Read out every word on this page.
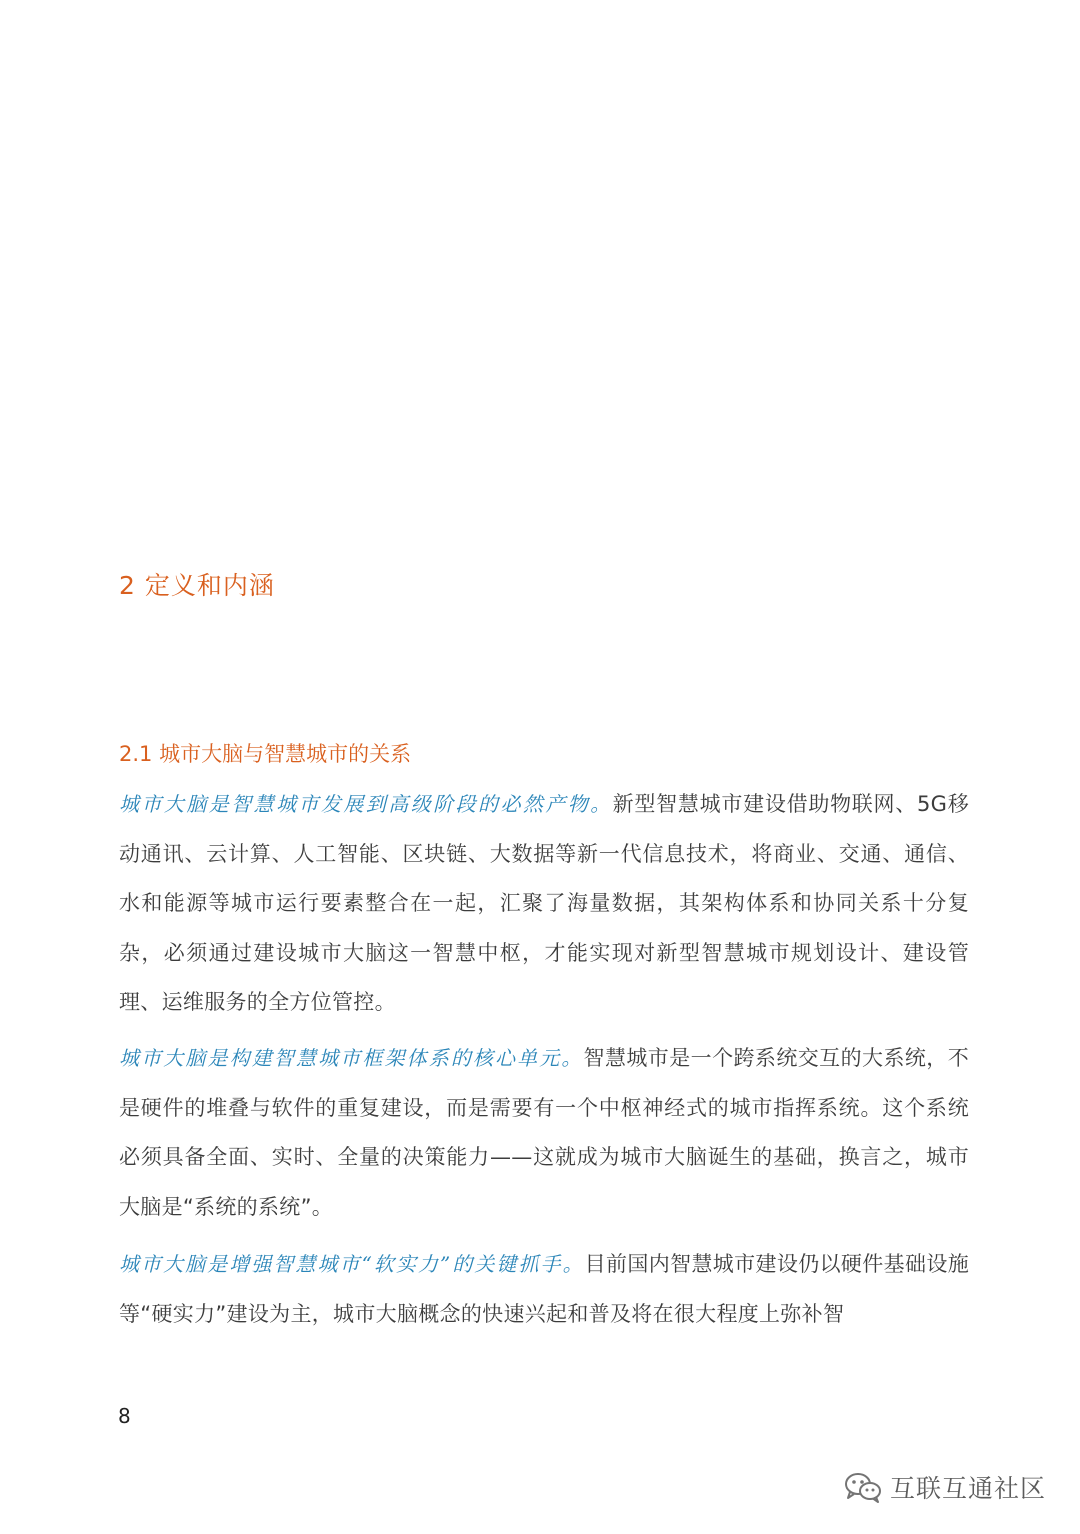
2 定义和内涵
2.1 城市大脑与智慧城市的关系
城市大脑是智慧城市发展到高级阶段的必然产物。新型智慧城市建设借助物联网、5G移动通讯、云计算、人工智能、区块链、大数据等新一代信息技术，将商业、交通、通信、水和能源等城市运行要素整合在一起，汇聚了海量数据，其架构体系和协同关系十分复杂，必须通过建设城市大脑这一智慧中枢，才能实现对新型智慧城市规划设计、建设管理、运维服务的全方位管控。
城市大脑是构建智慧城市框架体系的核心单元。智慧城市是一个跨系统交互的大系统，不是硬件的堆叠与软件的重复建设，而是需要有一个中枢神经式的城市指挥系统。这个系统必须具备全面、实时、全量的决策能力——这就成为城市大脑诞生的基础，换言之，城市大脑是“系统的系统”。
城市大脑是增强智慧城市“软实力”的关键抓手。目前国内智慧城市建设仍以硬件基础设施等“硬实力”建设为主，城市大脑概念的快速兴起和普及将在很大程度上弥补智
8
互联互通社区
